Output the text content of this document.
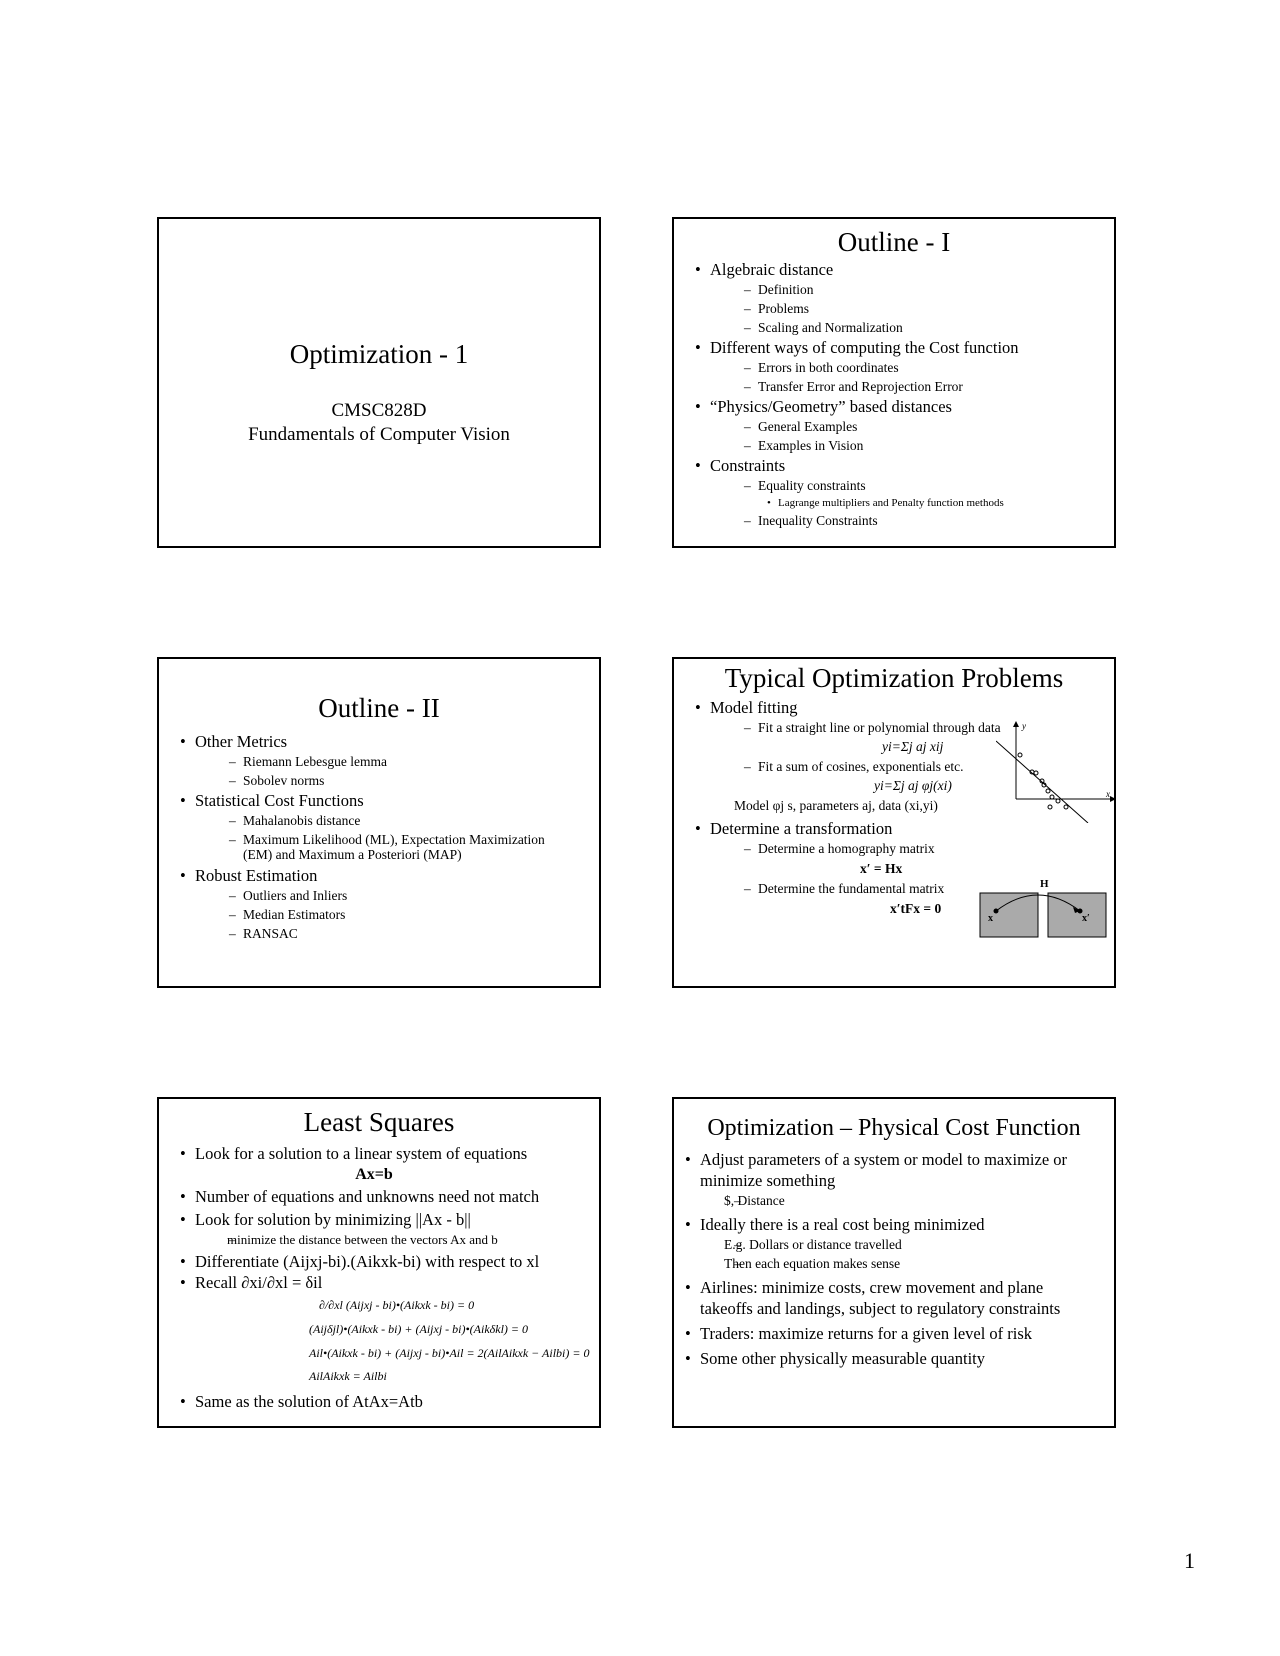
Optimization - 1
CMSC828D
Fundamentals of Computer Vision
Outline - I
• Algebraic distance
– Definition
– Problems
– Scaling and Normalization
• Different ways of computing the Cost function
– Errors in both coordinates
– Transfer Error and Reprojection Error
• “Physics/Geometry” based distances
– General Examples
– Examples in Vision
• Constraints
– Equality constraints
• Lagrange multipliers and Penalty function methods
– Inequality Constraints
Outline - II
• Other Metrics
– Riemann Lebesgue lemma
– Sobolev norms
• Statistical Cost Functions
– Mahalanobis distance
– Maximum Likelihood (ML), Expectation Maximization
(EM) and Maximum a Posteriori (MAP)
• Robust Estimation
– Outliers and Inliers
– Median Estimators
– RANSAC
Typical Optimization Problems
• Model fitting
– Fit a straight line or polynomial through data
yi=Σj aj xij
– Fit a sum of cosines, exponentials etc.
yi=Σj aj φj(xi)
Model φj s, parameters aj, data (xi,yi)
• Determine a transformation
– Determine a homography matrix
x′ = Hx
– Determine the fundamental matrix
x′tFx = 0
y
x
H
x	x′
Least Squares
• Look for a solution to a linear system of equations
Ax=b
• Number of equations and unknowns need not match
• Look for solution by minimizing ||Ax - b||
– minimize the distance between the vectors Ax and b
• Differentiate (Aijxj-bi).(Aikxk-bi) with respect to xl
• Recall ∂xi/∂xl = δil
∂/∂xl (Aijxj - bi)•(Aikxk - bi) = 0
(Aijδjl)•(Aikxk - bi) + (Aijxj - bi)•(Aikδkl) = 0
Ail•(Aikxk - bi) + (Aijxj - bi)•Ail = 2(AilAikxk − Ailbi) = 0
AilAikxk = Ailbi
• Same as the solution of AtAx=Atb
Optimization – Physical Cost Function
• Adjust parameters of a system or model to maximize or
minimize something
– $, Distance
• Ideally there is a real cost being minimized
– E.g. Dollars or distance travelled
– Then each equation makes sense
• Airlines: minimize costs, crew movement and plane
takeoffs and landings, subject to regulatory constraints
• Traders: maximize returns for a given level of risk
• Some other physically measurable quantity
1
